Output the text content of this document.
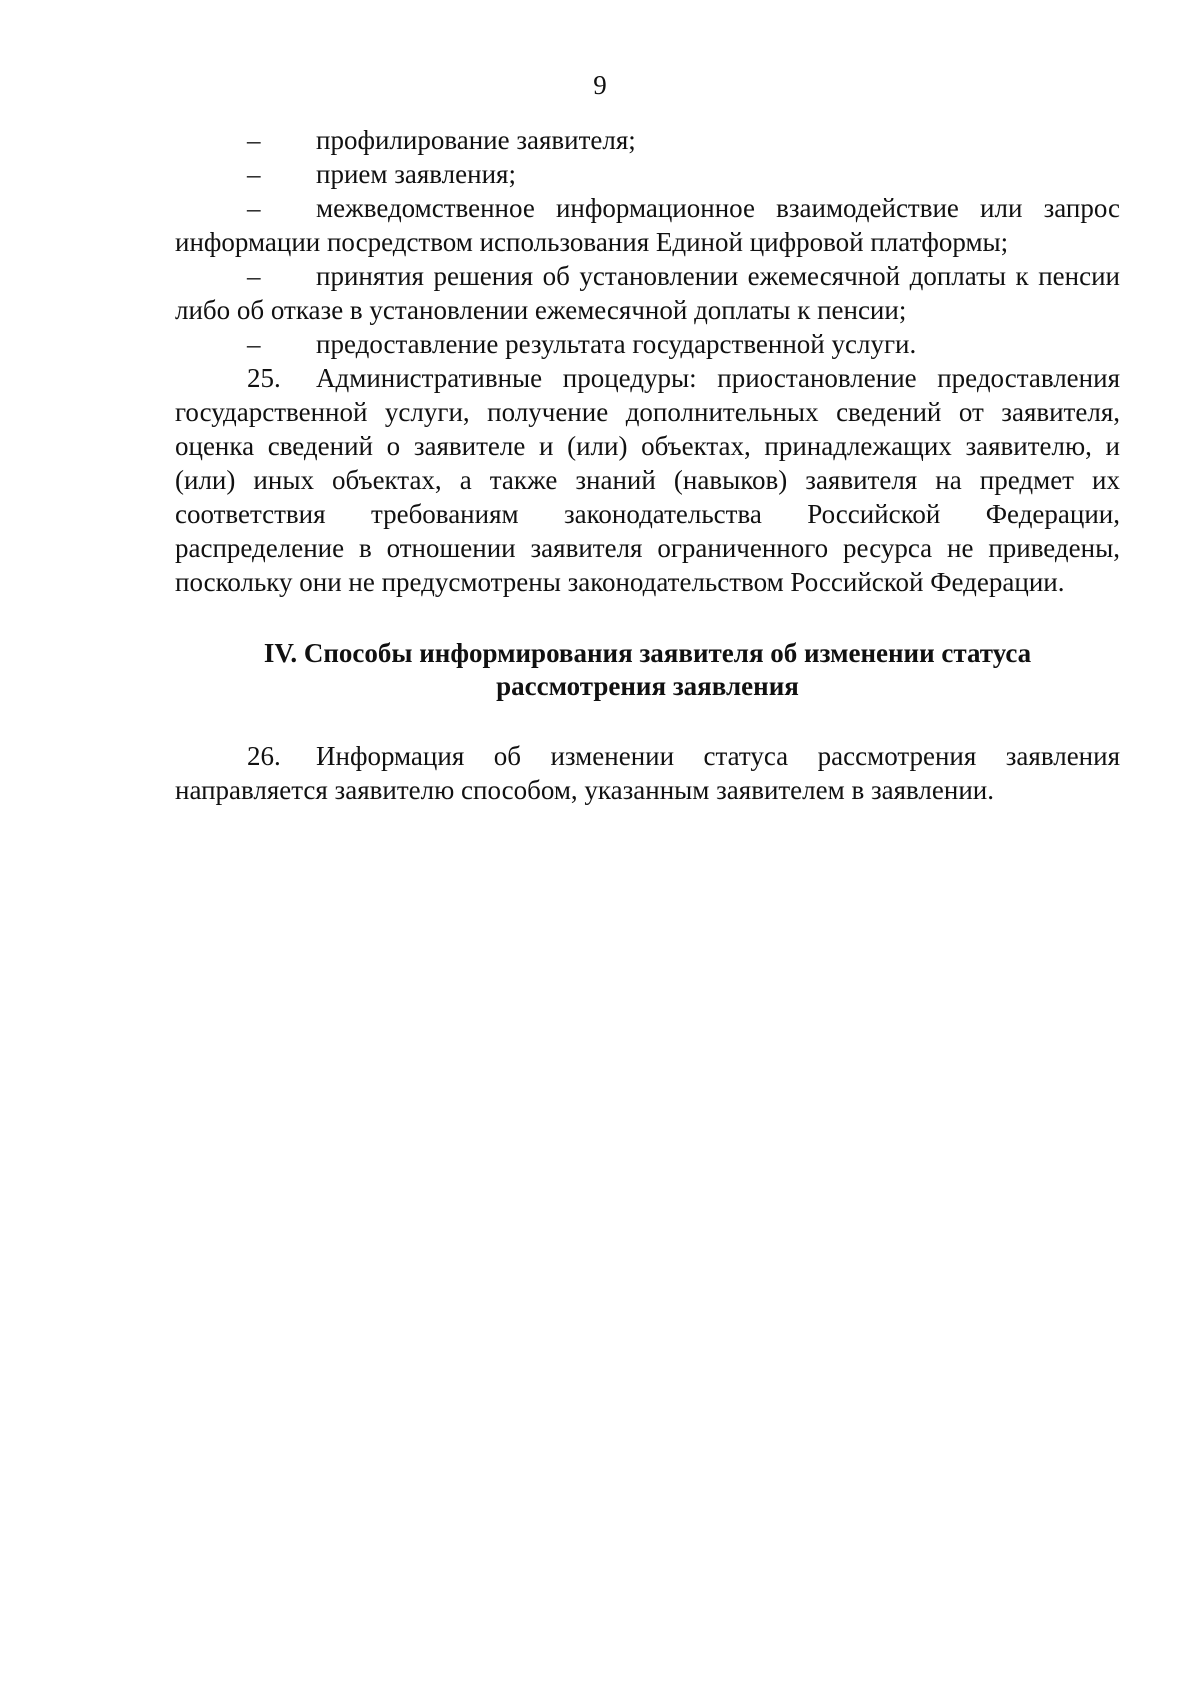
9

– профилирование заявителя;

– прием заявления;

– межведомственное информационное взаимодействие или запрос информации посредством использования Единой цифровой платформы;

– принятия решения об установлении ежемесячной доплаты к пенсии либо об отказе в установлении ежемесячной доплаты к пенсии;

– предоставление результата государственной услуги.

25. Административные процедуры: приостановление предоставления государственной услуги, получение дополнительных сведений от заявителя, оценка сведений о заявителе и (или) объектах, принадлежащих заявителю, и (или) иных объектах, а также знаний (навыков) заявителя на предмет их соответствия требованиям законодательства Российской Федерации, распределение в отношении заявителя ограниченного ресурса не приведены, поскольку они не предусмотрены законодательством Российской Федерации.

IV. Способы информирования заявителя об изменении статуса
рассмотрения заявления

26. Информация об изменении статуса рассмотрения заявления направляется заявителю способом, указанным заявителем в заявлении.
